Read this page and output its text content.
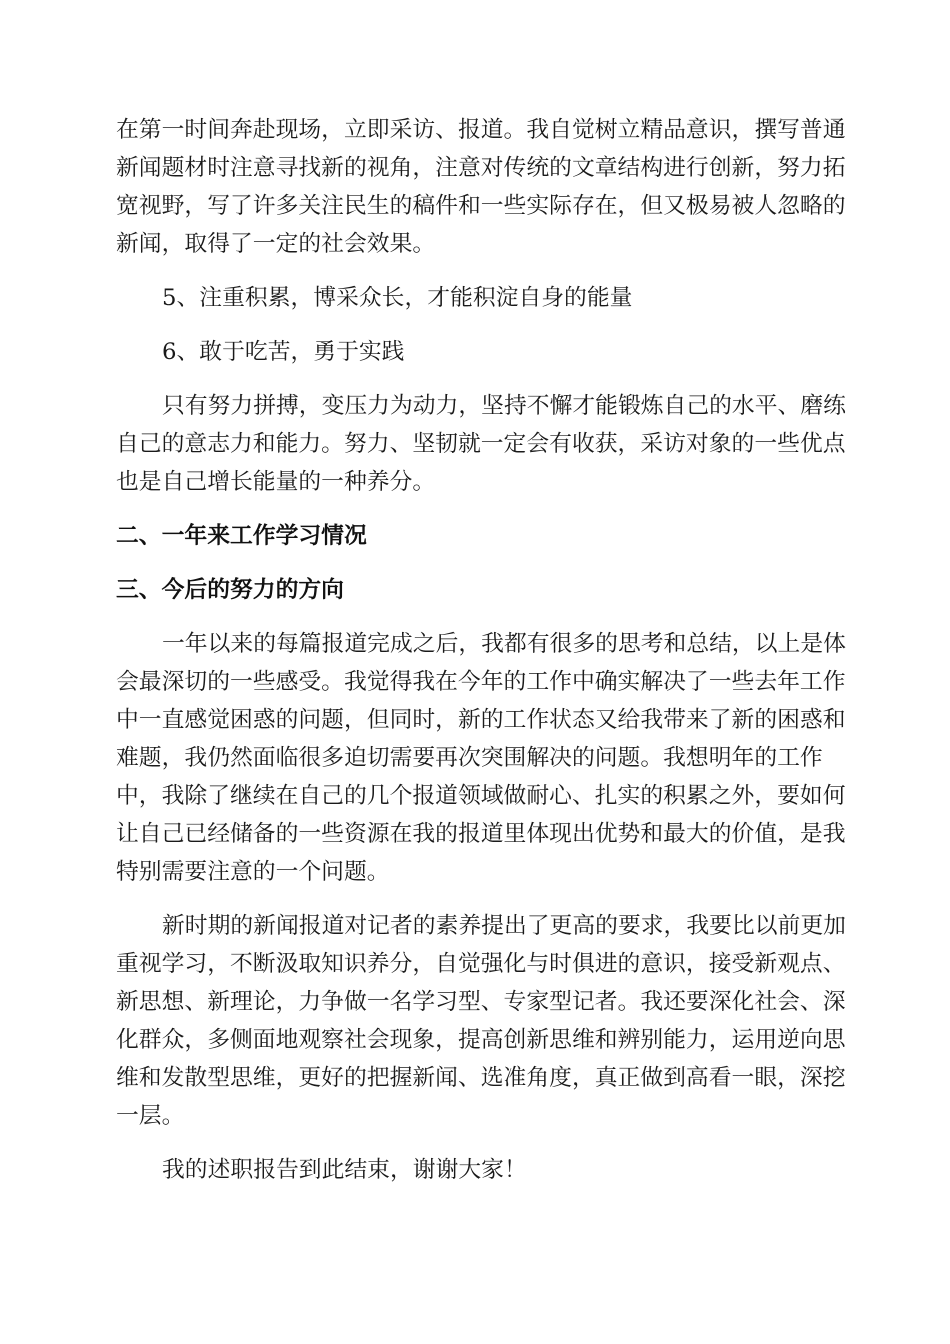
在第一时间奔赴现场，立即采访、报道。我自觉树立精品意识，撰写普通

新闻题材时注意寻找新的视角，注意对传统的文章结构进行创新，努力拓

宽视野，写了许多关注民生的稿件和一些实际存在，但又极易被人忽略的

新闻，取得了一定的社会效果。

5、注重积累，博采众长，才能积淀自身的能量

6、敢于吃苦，勇于实践

只有努力拼搏，变压力为动力，坚持不懈才能锻炼自己的水平、磨练

自己的意志力和能力。努力、坚韧就一定会有收获，采访对象的一些优点

也是自己增长能量的一种养分。

二、一年来工作学习情况

三、今后的努力的方向

一年以来的每篇报道完成之后，我都有很多的思考和总结，以上是体

会最深切的一些感受。我觉得我在今年的工作中确实解决了一些去年工作

中一直感觉困惑的问题，但同时，新的工作状态又给我带来了新的困惑和

难题，我仍然面临很多迫切需要再次突围解决的问题。我想明年的工作

中，我除了继续在自己的几个报道领域做耐心、扎实的积累之外，要如何

让自己已经储备的一些资源在我的报道里体现出优势和最大的价值，是我

特别需要注意的一个问题。

新时期的新闻报道对记者的素养提出了更高的要求，我要比以前更加

重视学习，不断汲取知识养分，自觉强化与时俱进的意识，接受新观点、

新思想、新理论，力争做一名学习型、专家型记者。我还要深化社会、深

化群众，多侧面地观察社会现象，提高创新思维和辨别能力，运用逆向思

维和发散型思维，更好的把握新闻、选准角度，真正做到高看一眼，深挖

一层。

我的述职报告到此结束，谢谢大家！
